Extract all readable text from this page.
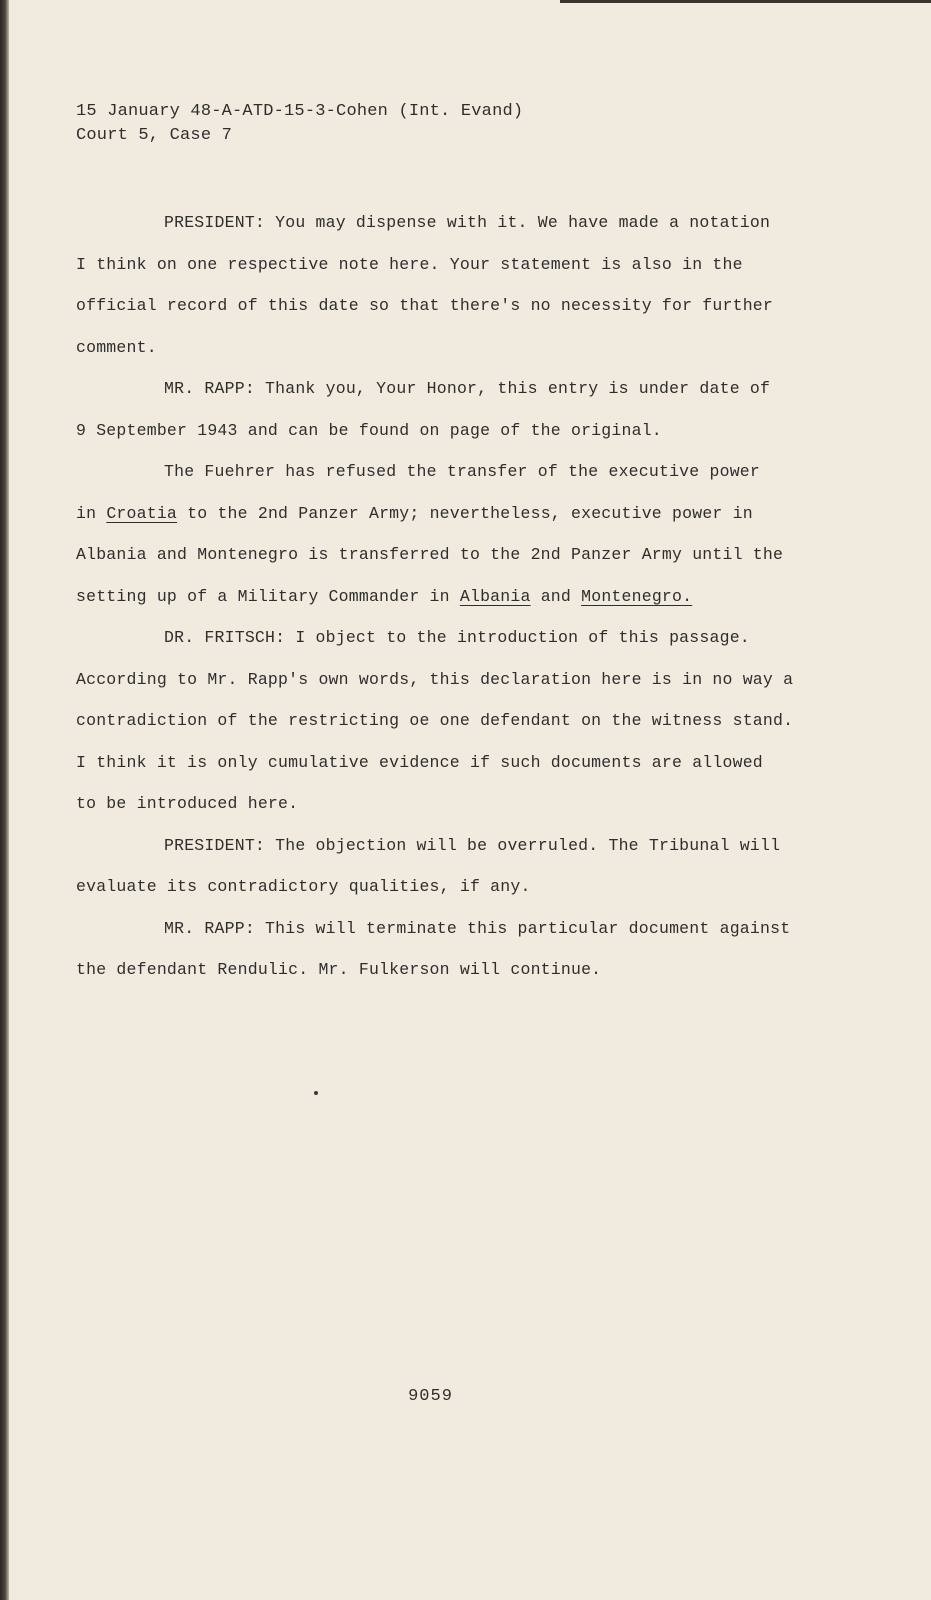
15 January 48-A-ATD-15-3-Cohen (Int. Evand)
Court 5, Case 7
PRESIDENT: You may dispense with it. We have made a notation
I think on one respective note here. Your statement is also in the
official record of this date so that there's no necessity for further
comment.
MR. RAPP: Thank you, Your Honor, this entry is under date of
9 September 1943 and can be found on page of the original.
The Fuehrer has refused the transfer of the executive power
in Croatia to the 2nd Panzer Army; nevertheless, executive power in
Albania and Montenegro is transferred to the 2nd Panzer Army until the
setting up of a Military Commander in Albania and Montenegro.
DR. FRITSCH: I object to the introduction of this passage.
According to Mr. Rapp's own words, this declaration here is in no way a
contradiction of the restricting oe one defendant on the witness stand.
I think it is only cumulative evidence if such documents are allowed
to be introduced here.
PRESIDENT: The objection will be overruled. The Tribunal will
evaluate its contradictory qualities, if any.
MR. RAPP: This will terminate this particular document against
the defendant Rendulic. Mr. Fulkerson will continue.
9059
